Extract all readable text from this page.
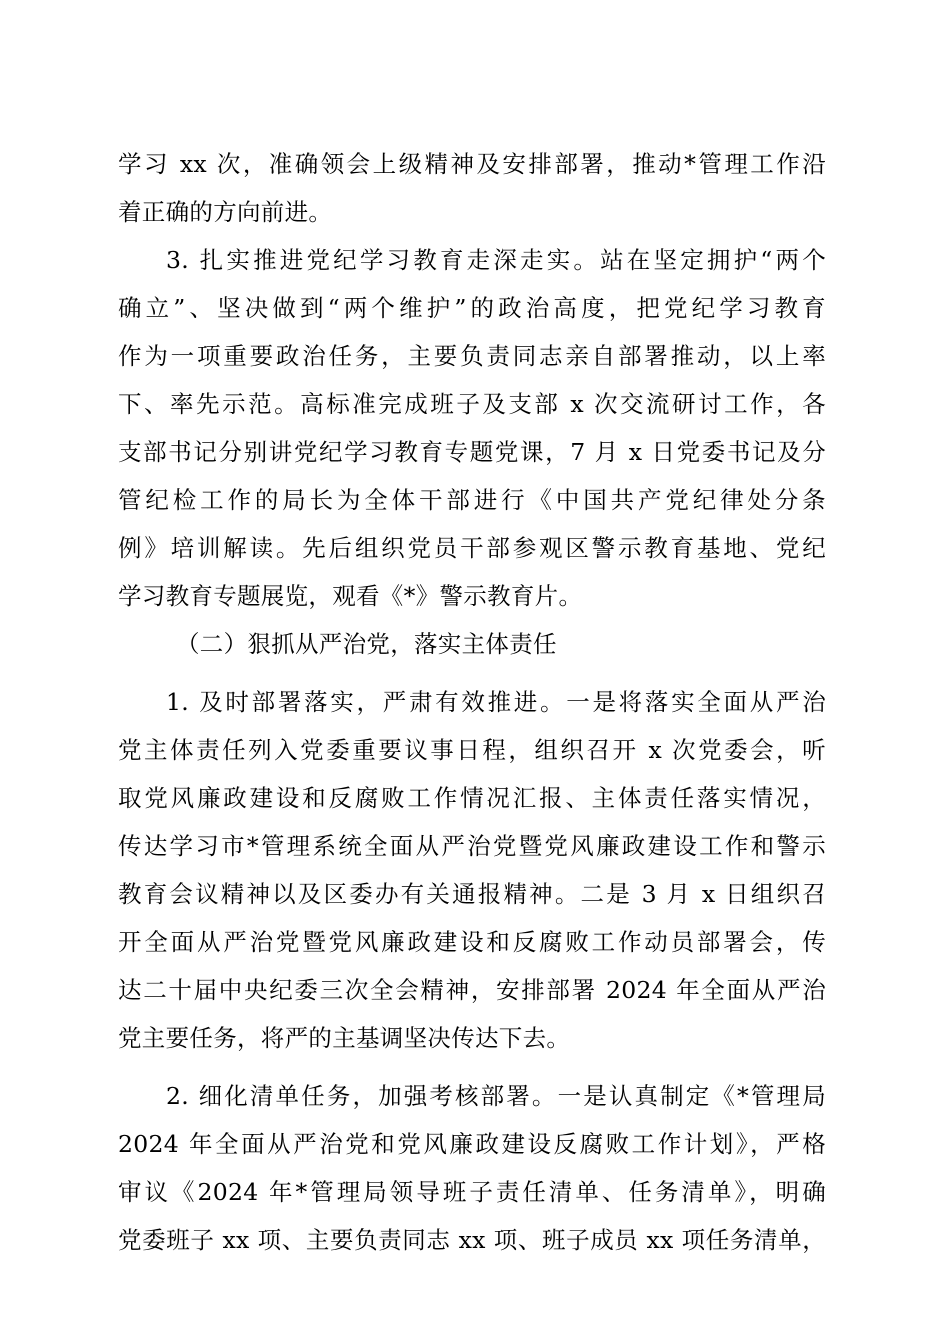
学习 xx 次，准确领会上级精神及安排部署，推动*管理工作沿
着正确的方向前进。
3. 扎实推进党纪学习教育走深走实。站在坚定拥护“两个
确立”、坚决做到“两个维护”的政治高度，把党纪学习教育
作为一项重要政治任务，主要负责同志亲自部署推动，以上率
下、率先示范。高标准完成班子及支部 x 次交流研讨工作，各
支部书记分别讲党纪学习教育专题党课，7 月 x 日党委书记及分
管纪检工作的局长为全体干部进行《中国共产党纪律处分条
例》培训解读。先后组织党员干部参观区警示教育基地、党纪
学习教育专题展览，观看《*》警示教育片。
（二）狠抓从严治党，落实主体责任
1. 及时部署落实，严肃有效推进。一是将落实全面从严治
党主体责任列入党委重要议事日程，组织召开 x 次党委会，听
取党风廉政建设和反腐败工作情况汇报、主体责任落实情况，
传达学习市*管理系统全面从严治党暨党风廉政建设工作和警示
教育会议精神以及区委办有关通报精神。二是 3 月 x 日组织召
开全面从严治党暨党风廉政建设和反腐败工作动员部署会，传
达二十届中央纪委三次全会精神，安排部署 2024 年全面从严治
党主要任务，将严的主基调坚决传达下去。
2. 细化清单任务，加强考核部署。一是认真制定《*管理局
2024 年全面从严治党和党风廉政建设反腐败工作计划》，严格
审议《2024 年*管理局领导班子责任清单、任务清单》，明确
党委班子 xx 项、主要负责同志 xx 项、班子成员 xx 项任务清单，
